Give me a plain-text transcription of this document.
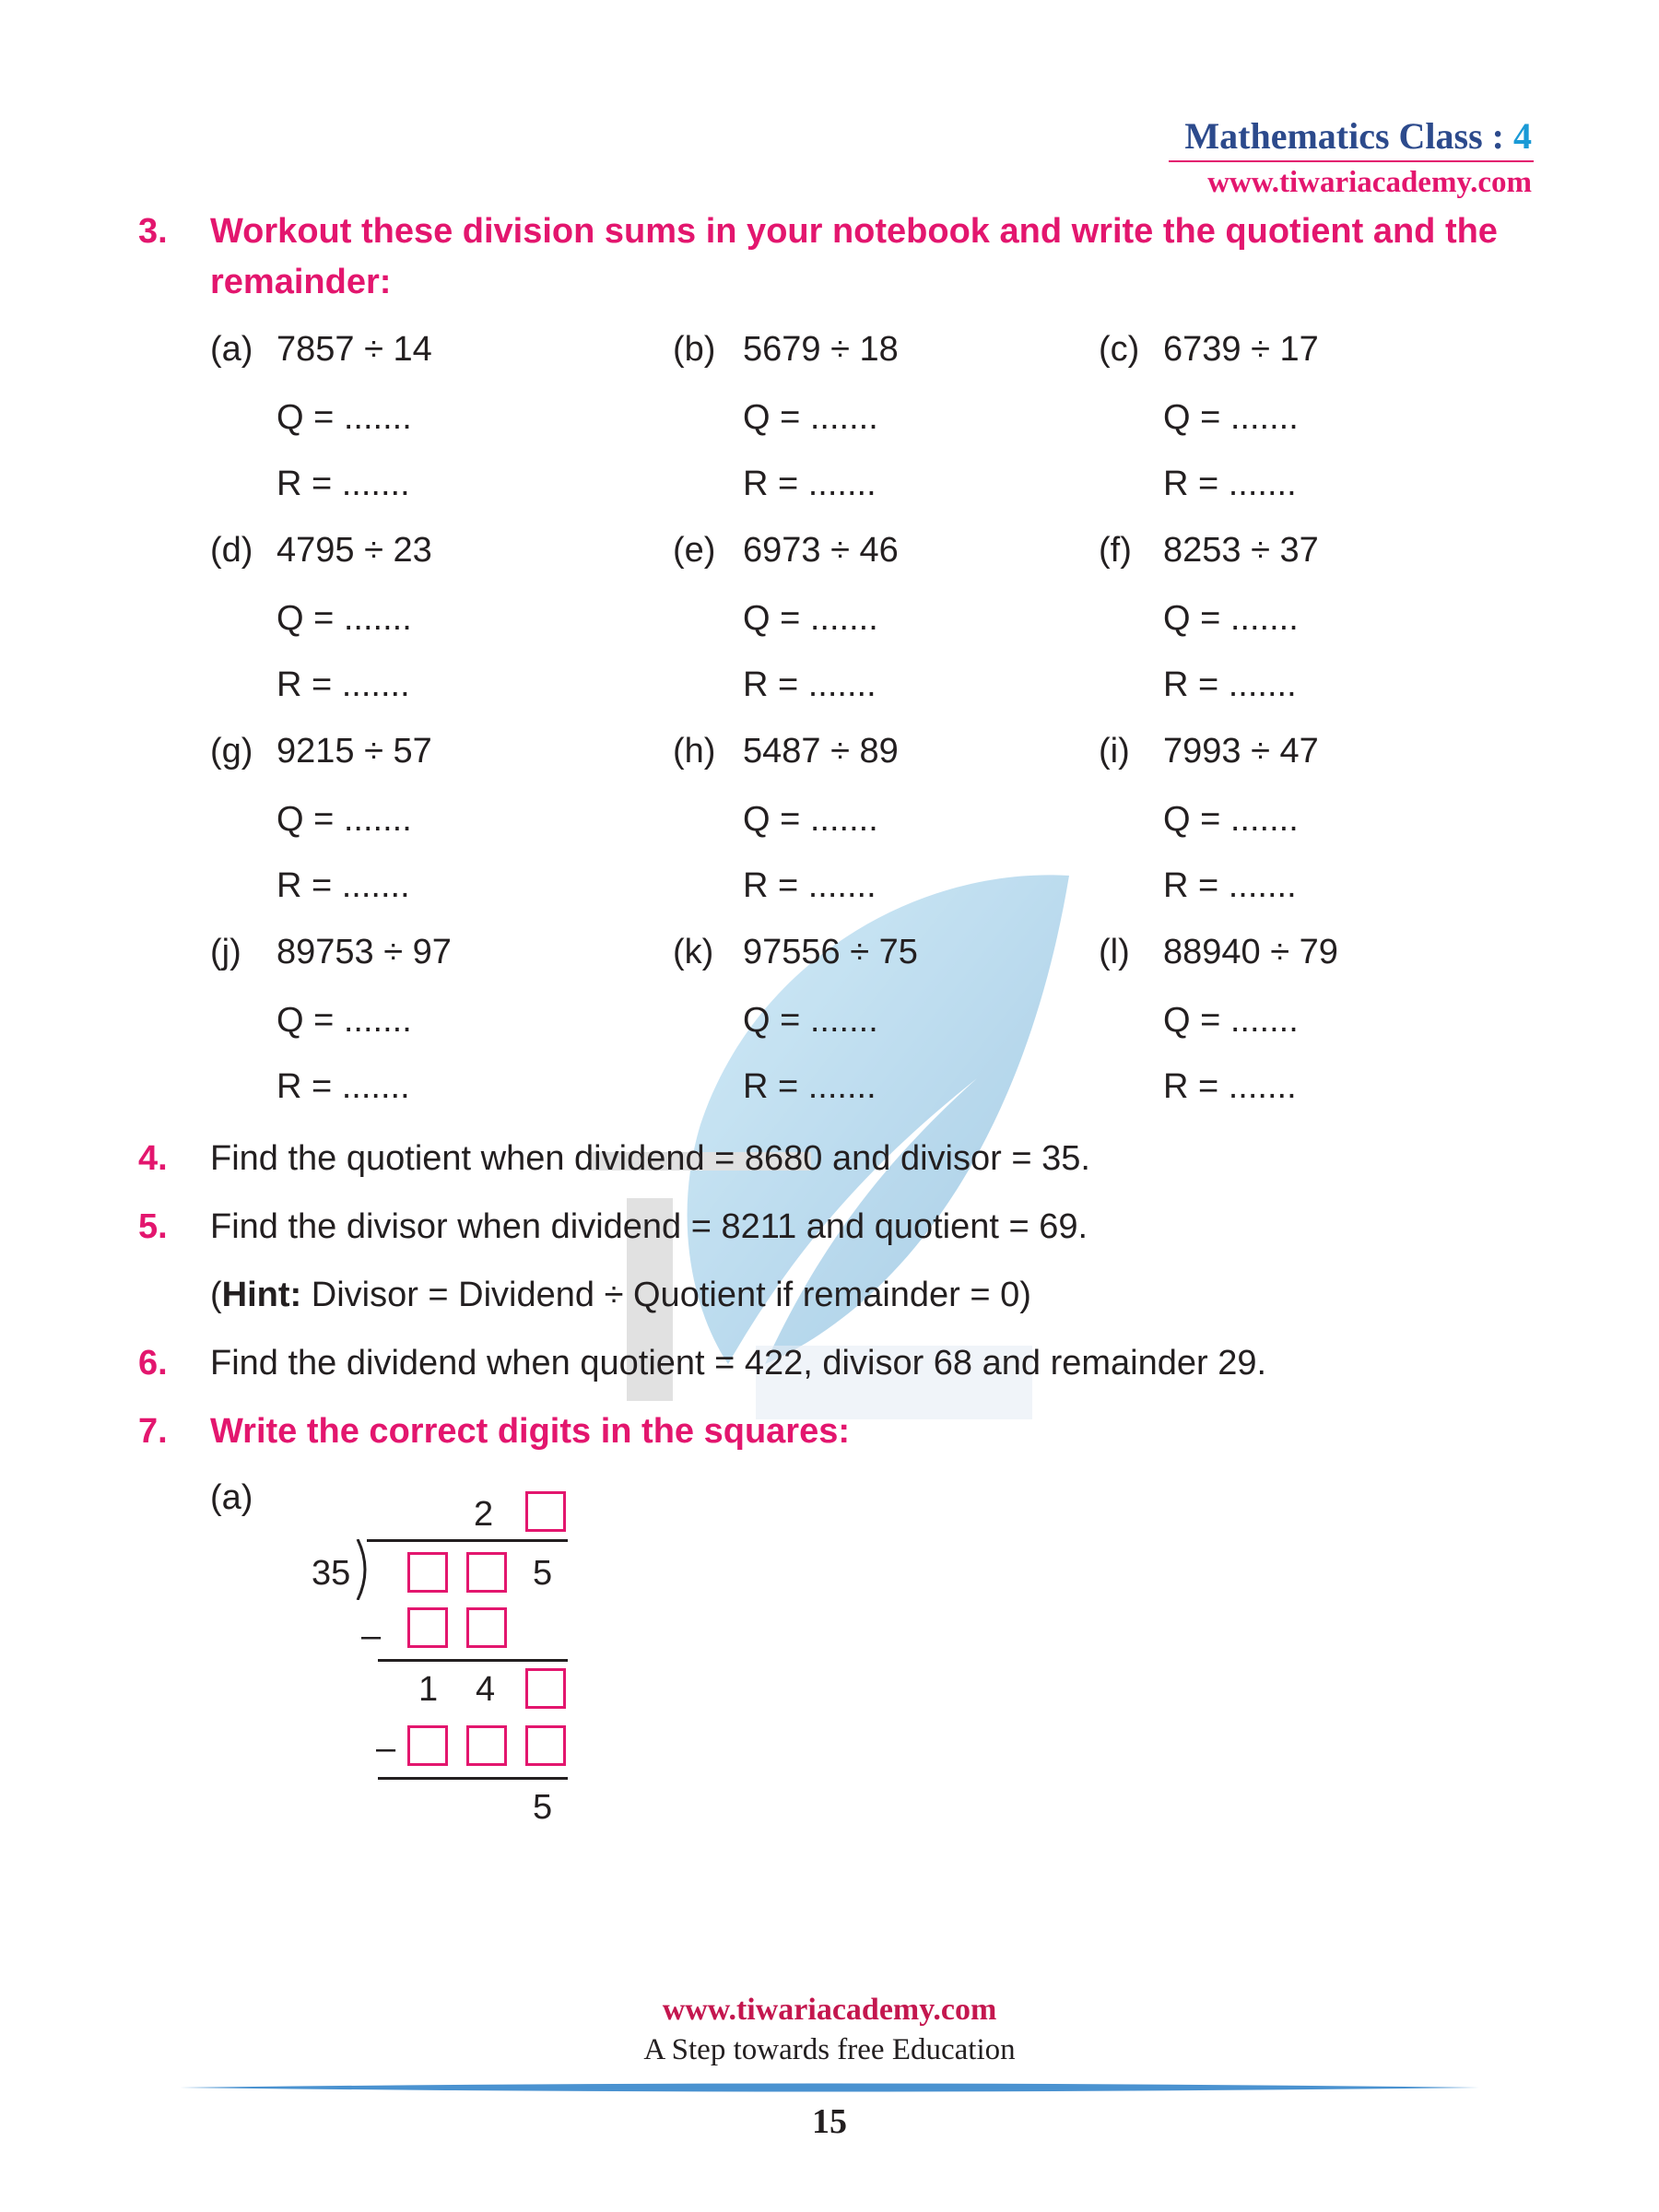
Mathematics Class : 4
www.tiwariacademy.com
3. Workout these division sums in your notebook and write the quotient and the
remainder:
(a) 7857 ÷ 14
Q = .......
R = .......
(b) 5679 ÷ 18
Q = .......
R = .......
(c) 6739 ÷ 17
Q = .......
R = .......
(d) 4795 ÷ 23
Q = .......
R = .......
(e) 6973 ÷ 46
Q = .......
R = .......
(f) 8253 ÷ 37
Q = .......
R = .......
(g) 9215 ÷ 57
Q = .......
R = .......
(h) 5487 ÷ 89
Q = .......
R = .......
(i) 7993 ÷ 47
Q = .......
R = .......
(j) 89753 ÷ 97
Q = .......
R = .......
(k) 97556 ÷ 75
Q = .......
R = .......
(l) 88940 ÷ 79
Q = .......
R = .......
4. Find the quotient when dividend = 8680 and divisor = 35.
5. Find the divisor when dividend = 8211 and quotient = 69.
(Hint: Divisor = Dividend ÷ Quotient if remainder = 0)
6. Find the dividend when quotient = 422, divisor 68 and remainder 29.
7. Write the correct digits in the squares:
(a)	2
35	5
–
1 4
–
5
www.tiwariacademy.com
A Step towards free Education
15
